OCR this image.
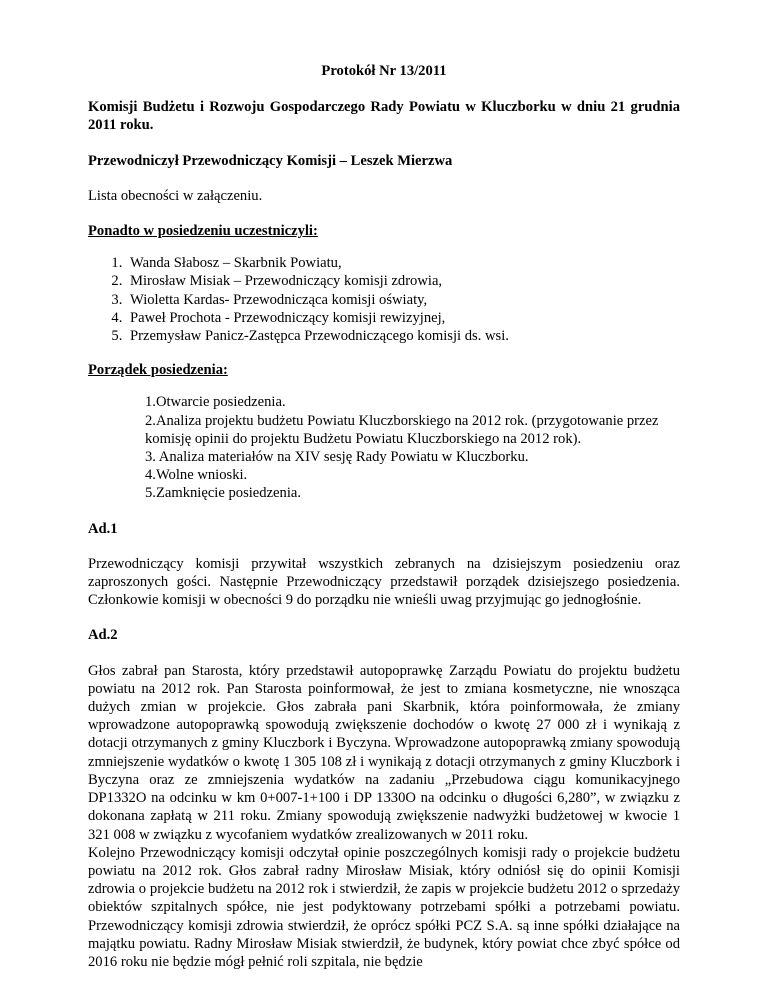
Protokół Nr 13/2011

Komisji Budżetu i Rozwoju Gospodarczego Rady Powiatu w Kluczborku w dniu 21 grudnia 2011 roku.

Przewodniczył Przewodniczący Komisji – Leszek Mierzwa

Lista obecności w załączeniu.

Ponadto w posiedzeniu uczestniczyli:

1. Wanda Słabosz – Skarbnik Powiatu,
2. Mirosław Misiak – Przewodniczący komisji zdrowia,
3. Wioletta Kardas- Przewodnicząca komisji oświaty,
4. Paweł Prochota - Przewodniczący komisji rewizyjnej,
5. Przemysław Panicz-Zastępca Przewodniczącego komisji ds. wsi.

Porządek posiedzenia:

1.Otwarcie posiedzenia.
2.Analiza projektu budżetu Powiatu Kluczborskiego na 2012 rok. (przygotowanie przez komisję opinii do projektu Budżetu Powiatu Kluczborskiego na 2012 rok).
3. Analiza materiałów na XIV sesję Rady Powiatu w Kluczborku.
4.Wolne wnioski.
5.Zamknięcie posiedzenia.

Ad.1

Przewodniczący komisji przywitał wszystkich zebranych na dzisiejszym posiedzeniu oraz zaproszonych gości. Następnie Przewodniczący przedstawił porządek dzisiejszego posiedzenia. Członkowie komisji w obecności 9 do porządku nie wnieśli uwag przyjmując go jednogłośnie.

Ad.2

Głos zabrał pan Starosta, który przedstawił autopoprawkę Zarządu Powiatu do projektu budżetu powiatu na 2012 rok. Pan Starosta poinformował, że jest to zmiana kosmetyczne, nie wnosząca dużych zmian w projekcie. Głos zabrała pani Skarbnik, która poinformowała, że zmiany wprowadzone autopoprawką spowodują zwiększenie dochodów o kwotę 27 000 zł i wynikają z dotacji otrzymanych z gminy Kluczbork i Byczyna. Wprowadzone autopoprawką zmiany spowodują zmniejszenie wydatków o kwotę 1 305 108 zł i wynikają z dotacji otrzymanych z gminy Kluczbork i Byczyna oraz ze zmniejszenia wydatków na zadaniu „Przebudowa ciągu komunikacyjnego DP1332O na odcinku w km 0+007-1+100 i DP 1330O na odcinku o długości 6,280”, w związku z dokonana zapłatą w 211 roku. Zmiany spowodują zwiększenie nadwyżki budżetowej w kwocie 1 321 008 w związku z wycofaniem wydatków zrealizowanych w 2011 roku.
Kolejno Przewodniczący komisji odczytał opinie poszczególnych komisji rady o projekcie budżetu powiatu na 2012 rok. Głos zabrał radny Mirosław Misiak, który odniósł się do opinii Komisji zdrowia o projekcie budżetu na 2012 rok i stwierdził, że zapis w projekcie budżetu 2012 o sprzedaży obiektów szpitalnych spółce, nie jest podyktowany potrzebami spółki a potrzebami powiatu. Przewodniczący komisji zdrowia stwierdził, że oprócz spółki PCZ S.A. są inne spółki działające na majątku powiatu. Radny Mirosław Misiak stwierdził, że budynek, który powiat chce zbyć spółce od 2016 roku nie będzie mógł pełnić roli szpitala, nie będzie
